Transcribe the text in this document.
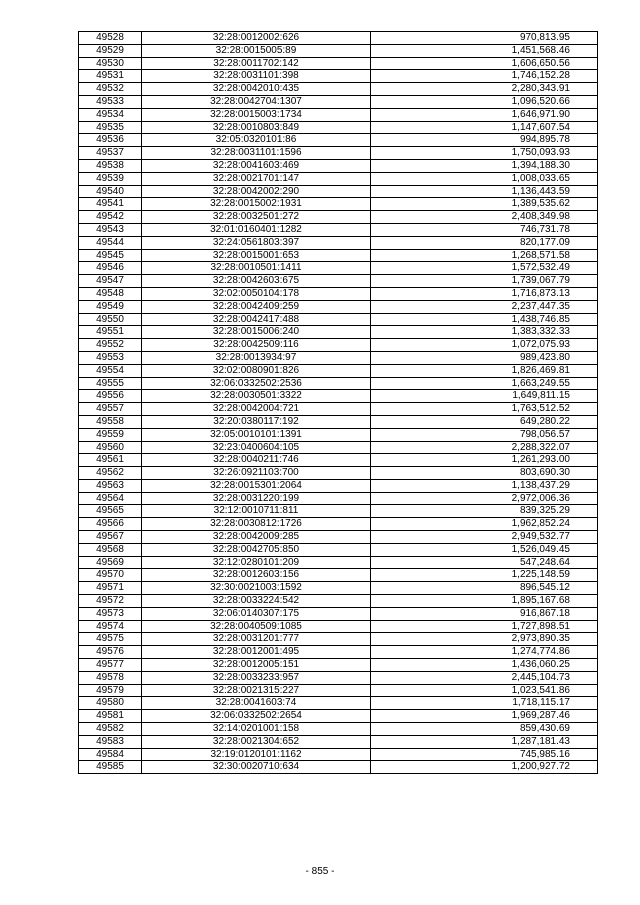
49528	32:28:0012002:626	970,813.95
49529	32:28:0015005:89	1,451,568.46
49530	32:28:0011702:142	1,606,650.56
49531	32:28:0031101:398	1,746,152.28
49532	32:28:0042010:435	2,280,343.91
49533	32:28:0042704:1307	1,096,520.66
49534	32:28:0015003:1734	1,646,971.90
49535	32:28:0010803:849	1,147,607.54
49536	32:05:0320101:86	994,895.78
49537	32:28:0031101:1596	1,750,093.93
49538	32:28:0041603:469	1,394,188.30
49539	32:28:0021701:147	1,008,033.65
49540	32:28:0042002:290	1,136,443.59
49541	32:28:0015002:1931	1,389,535.62
49542	32:28:0032501:272	2,408,349.98
49543	32:01:0160401:1282	746,731.78
49544	32:24:0561803:397	820,177.09
49545	32:28:0015001:653	1,268,571.58
49546	32:28:0010501:1411	1,572,532.49
49547	32:28:0042603:675	1,739,067.79
49548	32:02:0050104:178	1,716,873.13
49549	32:28:0042409:259	2,237,447.35
49550	32:28:0042417:488	1,438,746.85
49551	32:28:0015006:240	1,383,332.33
49552	32:28:0042509:116	1,072,075.93
49553	32:28:0013934:97	989,423.80
49554	32:02:0080901:826	1,826,469.81
49555	32:06:0332502:2536	1,663,249.55
49556	32:28:0030501:3322	1,649,811.15
49557	32:28:0042004:721	1,763,512.52
49558	32:20:0380117:192	649,280.22
49559	32:05:0010101:1391	798,056.57
49560	32:23:0400604:105	2,288,322.07
49561	32:28:0040211:746	1,261,293.00
49562	32:26:0921103:700	803,690.30
49563	32:28:0015301:2064	1,138,437.29
49564	32:28:0031220:199	2,972,006.36
49565	32:12:0010711:811	839,325.29
49566	32:28:0030812:1726	1,962,852.24
49567	32:28:0042009:285	2,949,532.77
49568	32:28:0042705:850	1,526,049.45
49569	32:12:0280101:209	547,248.64
49570	32:28:0012603:156	1,225,148.59
49571	32:30:0021003:1592	896,545.12
49572	32:28:0033224:542	1,895,167.68
49573	32:06:0140307:175	916,867.18
49574	32:28:0040509:1085	1,727,898.51
49575	32:28:0031201:777	2,973,890.35
49576	32:28:0012001:495	1,274,774.86
49577	32:28:0012005:151	1,436,060.25
49578	32:28:0033233:957	2,445,104.73
49579	32:28:0021315:227	1,023,541.86
49580	32:28:0041603:74	1,718,115.17
49581	32:06:0332502:2654	1,969,287.46
49582	32:14:0201001:158	859,430.69
49583	32:28:0021304:652	1,287,181.43
49584	32:19:0120101:1162	745,985.16
49585	32:30:0020710:634	1,200,927.72
- 855 -
